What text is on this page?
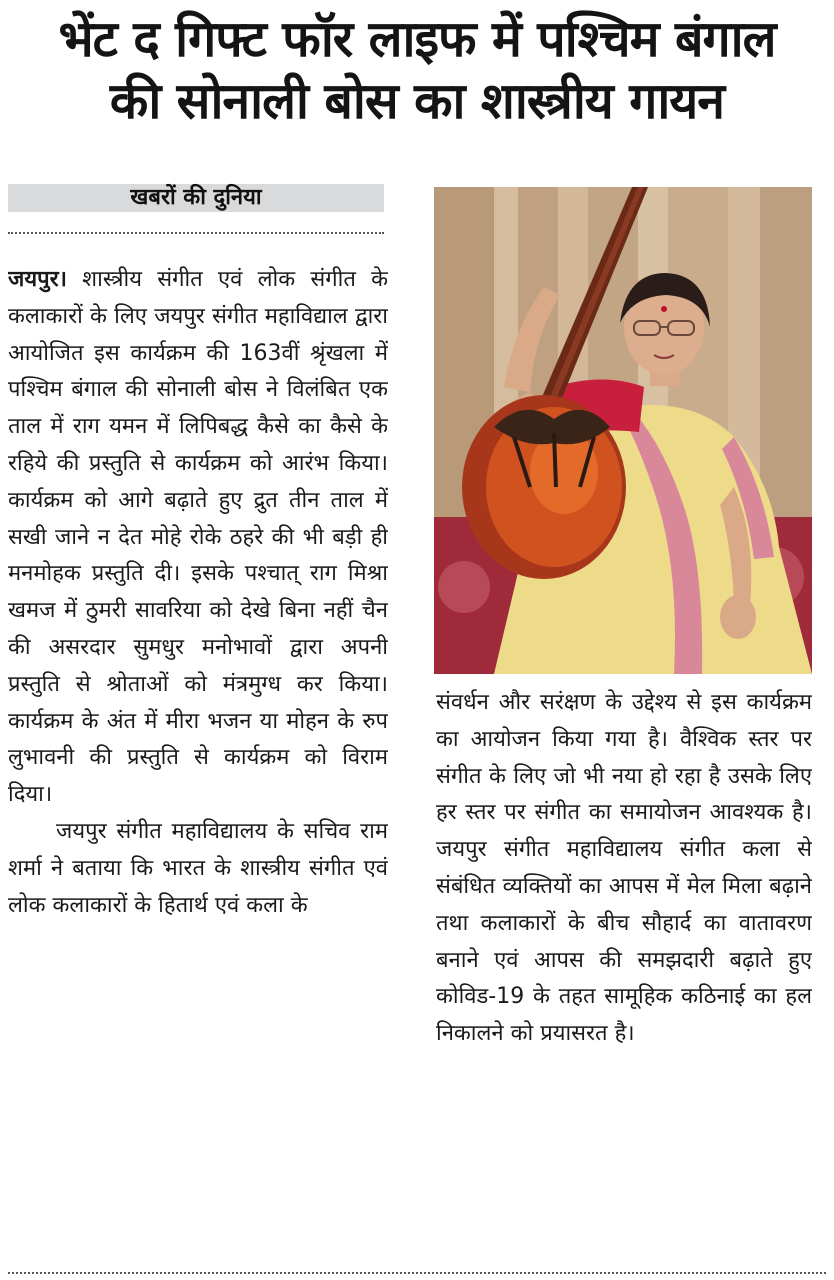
भेंट द गिफ्ट फॉर लाइफ में पश्चिम बंगाल
की सोनाली बोस का शास्त्रीय गायन
खबरों की दुनिया

जयपुर। शास्त्रीय संगीत एवं लोक संगीत के कलाकारों के लिए जयपुर संगीत महाविद्याल द्वारा आयोजित इस कार्यक्रम की 163वीं श्रृंखला में पश्चिम बंगाल की सोनाली बोस ने विलंबित एक ताल में राग यमन में लिपिबद्ध कैसे का कैसे के रहिये की प्रस्तुति से कार्यक्रम को आरंभ किया। कार्यक्रम को आगे बढ़ाते हुए द्रुत तीन ताल में सखी जाने न देत मोहे रोके ठहरे की भी बड़ी ही मनमोहक प्रस्तुति दी। इसके पश्चात् राग मिश्रा खमज में ठुमरी सावरिया को देखे बिना नहीं चैन की असरदार सुमधुर मनोभावों द्वारा अपनी प्रस्तुति से श्रोताओं को मंत्रमुग्ध कर किया। कार्यक्रम के अंत में मीरा भजन या मोहन के रुप लुभावनी की प्रस्तुति से कार्यक्रम को विराम दिया।

जयपुर संगीत महाविद्यालय के सचिव राम शर्मा ने बताया कि भारत के शास्त्रीय संगीत एवं लोक कलाकारों के हितार्थ एवं कला के

संवर्धन और सरंक्षण के उद्देश्य से इस कार्यक्रम का आयोजन किया गया है। वैश्विक स्तर पर संगीत के लिए जो भी नया हो रहा है उसके लिए हर स्तर पर संगीत का समायोजन आवश्यक है। जयपुर संगीत महाविद्यालय संगीत कला से संबंधित व्यक्तियों का आपस में मेल मिला बढ़ाने तथा कलाकारों के बीच सौहार्द का वातावरण बनाने एवं आपस की समझदारी बढ़ाते हुए कोविड-19 के तहत सामूहिक कठिनाई का हल निकालने को प्रयासरत है।
